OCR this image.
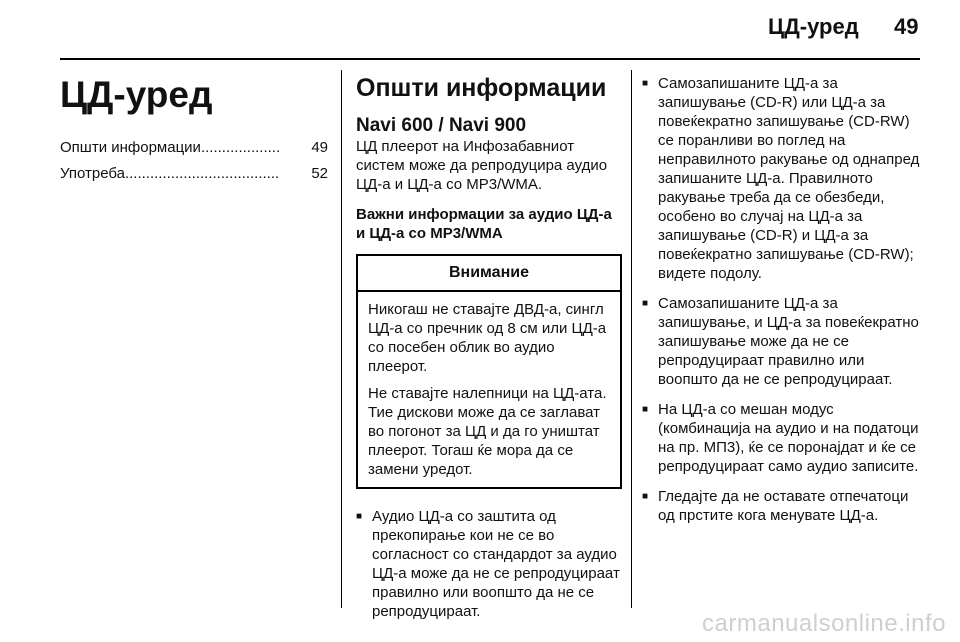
ЦД-уред 49
ЦД-уред
Општи информации ...................	49
Употреба .....................................	52
Општи информации

Navi 600 / Navi 900

ЦД плеерот на Инфозабавниот систем може да репродуцира аудио ЦД-а и ЦД-а со MP3/WMA.

Важни информации за аудио ЦД-а и ЦД-а со MP3/WMA

Внимание

Никогаш не ставајте ДВД-а, сингл ЦД-а со пречник од 8 см или ЦД-а со посебен облик во аудио плеерот.

Не ставајте налепници на ЦД-ата. Тие дискови може да се заглават во погонот за ЦД и да го уништат плеерот. Тогаш ќе мора да се замени уредот.

■ Аудио ЦД-а со заштита од прекопирање кои не се во согласност со стандардот за аудио ЦД-а може да не се репродуцираат правилно или воопшто да не се репродуцираат.
■ Самозапишаните ЦД-а за запишување (CD-R) или ЦД-а за повеќекратно запишување (CD-RW) се поранливи во поглед на неправилното ракување од однапред запишаните ЦД-а. Правилното ракување треба да се обезбеди, особено во случај на ЦД-а за запишување (CD-R) и ЦД-а за повеќекратно запишување (CD-RW); видете подолу.
■ Самозапишаните ЦД-а за запишување, и ЦД-а за повеќекратно запишување може да не се репродуцираат правилно или воопшто да не се репродуцираат.
■ На ЦД-а со мешан модус (комбинација на аудио и на податоци на пр. МП3), ќе се поронајдат и ќе се репродуцираат само аудио записите.
■ Гледајте да не оставате отпечатоци од прстите кога менувате ЦД-а.
carmanualsonline.info
